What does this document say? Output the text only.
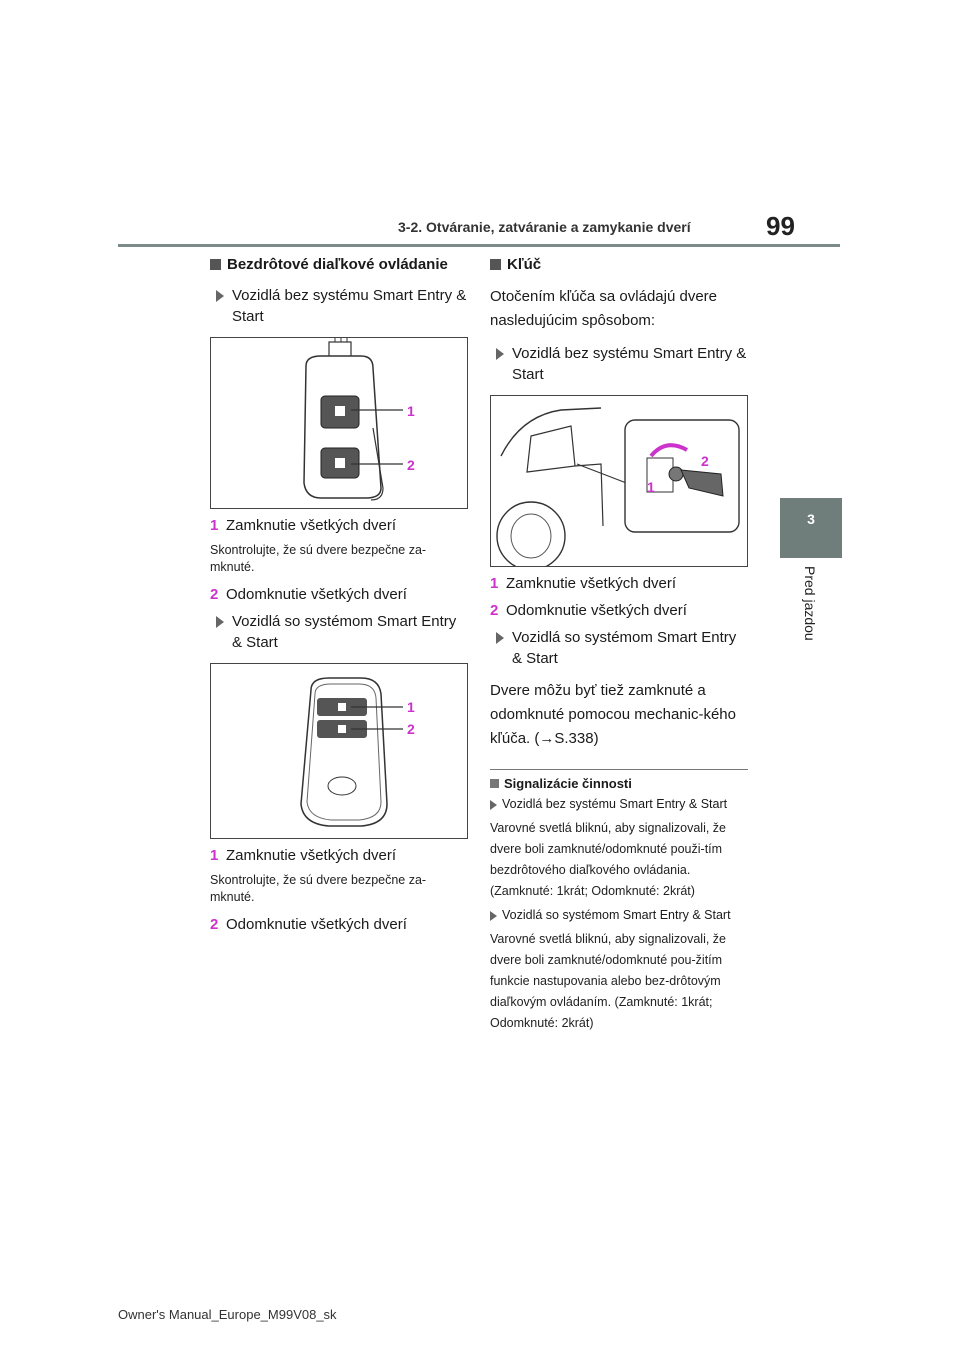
3-2. Otváranie, zatváranie a zamykanie dverí	99
3
Pred jazdou
Bezdrôtové diaľkové ovládanie
Vozidlá bez systému Smart Entry & Start
1
2
1 Zamknutie všetkých dverí
Skontrolujte, že sú dvere bezpečne za-mknuté.
2 Odomknutie všetkých dverí
Vozidlá so systémom Smart Entry & Start
1
2
1 Zamknutie všetkých dverí
Skontrolujte, že sú dvere bezpečne za-mknuté.
2 Odomknutie všetkých dverí
Kľúč
Otočením kľúča sa ovládajú dvere nasledujúcim spôsobom:
Vozidlá bez systému Smart Entry & Start
2
1
1 Zamknutie všetkých dverí
2 Odomknutie všetkých dverí
Vozidlá so systémom Smart Entry & Start
Dvere môžu byť tiež zamknuté a odomknuté pomocou mechanic-kého kľúča. (→S.338)
Signalizácie činnosti
Vozidlá bez systému Smart Entry & Start
Varovné svetlá bliknú, aby signalizovali, že dvere boli zamknuté/odomknuté použi-tím bezdrôtového diaľkového ovládania. (Zamknuté: 1krát; Odomknuté: 2krát)
Vozidlá so systémom Smart Entry & Start
Varovné svetlá bliknú, aby signalizovali, že dvere boli zamknuté/odomknuté pou-žitím funkcie nastupovania alebo bez-drôtovým diaľkovým ovládaním. (Zamknuté: 1krát; Odomknuté: 2krát)
Owner's Manual_Europe_M99V08_sk
